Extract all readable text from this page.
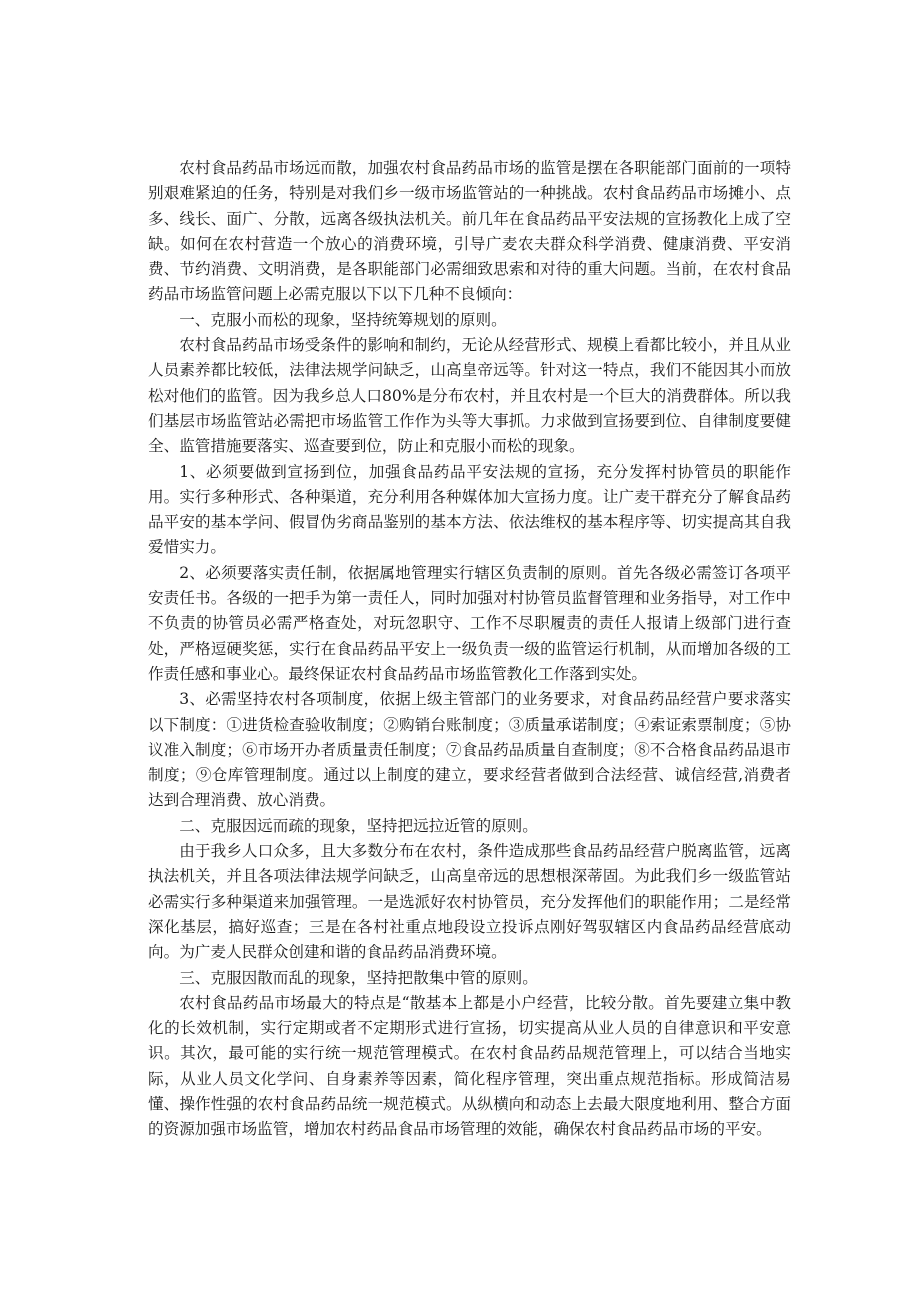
农村食品药品市场远而散，加强农村食品药品市场的监管是摆在各职能部门面前的一项特别艰难紧迫的任务，特别是对我们乡一级市场监管站的一种挑战。农村食品药品市场摊小、点多、线长、面广、分散，远离各级执法机关。前几年在食品药品平安法规的宣扬教化上成了空缺。如何在农村营造一个放心的消费环境，引导广麦农夫群众科学消费、健康消费、平安消费、节约消费、文明消费，是各职能部门必需细致思索和对待的重大问题。当前，在农村食品药品市场监管问题上必需克服以下以下几种不良倾向：

一、克服小而松的现象，坚持统筹规划的原则。

农村食品药品市场受条件的影响和制约，无论从经营形式、规模上看都比较小，并且从业人员素养都比较低，法律法规学问缺乏，山高皇帝远等。针对这一特点，我们不能因其小而放松对他们的监管。因为我乡总人口80%是分布农村，并且农村是一个巨大的消费群体。所以我们基层市场监管站必需把市场监管工作作为头等大事抓。力求做到宣扬要到位、自律制度要健全、监管措施要落实、巡查要到位，防止和克服小而松的现象。

1、必须要做到宣扬到位，加强食品药品平安法规的宣扬，充分发挥村协管员的职能作用。实行多种形式、各种渠道，充分利用各种媒体加大宣扬力度。让广麦干群充分了解食品药品平安的基本学问、假冒伪劣商品鉴别的基本方法、依法维权的基本程序等、切实提高其自我爱惜实力。

2、必须要落实责任制，依据属地管理实行辖区负责制的原则。首先各级必需签订各项平安责任书。各级的一把手为第一责任人，同时加强对村协管员监督管理和业务指导，对工作中不负责的协管员必需严格查处，对玩忽职守、工作不尽职履责的责任人报请上级部门进行查处，严格逗硬奖惩，实行在食品药品平安上一级负责一级的监管运行机制，从而增加各级的工作责任感和事业心。最终保证农村食品药品市场监管教化工作落到实处。

3、必需坚持农村各项制度，依据上级主管部门的业务要求，对食品药品经营户要求落实以下制度：①进货检查验收制度；②购销台账制度；③质量承诺制度；④索证索票制度；⑤协议准入制度；⑥市场开办者质量责任制度；⑦食品药品质量自查制度；⑧不合格食品药品退市制度；⑨仓库管理制度。通过以上制度的建立，要求经营者做到合法经营、诚信经营,消费者达到合理消费、放心消费。

二、克服因远而疏的现象，坚持把远拉近管的原则。

由于我乡人口众多，且大多数分布在农村，条件造成那些食品药品经营户脱离监管，远离执法机关，并且各项法律法规学问缺乏，山高皇帝远的思想根深蒂固。为此我们乡一级监管站必需实行多种渠道来加强管理。一是选派好农村协管员，充分发挥他们的职能作用；二是经常深化基层，搞好巡查；三是在各村社重点地段设立投诉点刚好驾驭辖区内食品药品经营底动向。为广麦人民群众创建和谐的食品药品消费环境。

三、克服因散而乱的现象，坚持把散集中管的原则。

农村食品药品市场最大的特点是“散基本上都是小户经营，比较分散。首先要建立集中教化的长效机制，实行定期或者不定期形式进行宣扬，切实提高从业人员的自律意识和平安意识。其次，最可能的实行统一规范管理模式。在农村食品药品规范管理上，可以结合当地实际，从业人员文化学问、自身素养等因素，简化程序管理，突出重点规范指标。形成简洁易懂、操作性强的农村食品药品统一规范模式。从纵横向和动态上去最大限度地利用、整合方面的资源加强市场监管，增加农村药品食品市场管理的效能，确保农村食品药品市场的平安。
